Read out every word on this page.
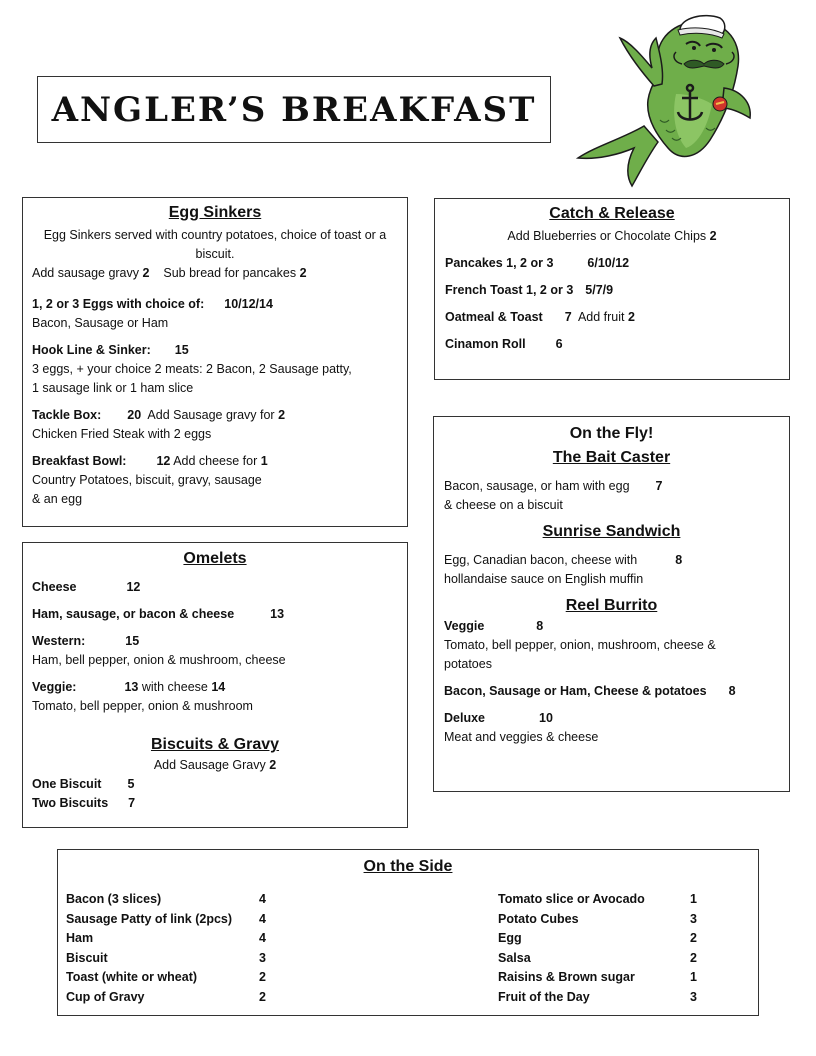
ANGLER’S BREAKFAST
Egg Sinkers
Egg Sinkers served with country potatoes, choice of toast or a biscuit.
Add sausage gravy 2 Sub bread for pancakes 2
1, 2 or 3 Eggs with choice of: 10/12/14
Bacon, Sausage or Ham
Hook Line & Sinker: 15
3 eggs, + your choice 2 meats: 2 Bacon, 2 Sausage patty,
1 sausage link or 1 ham slice
Tackle Box: 20 Add Sausage gravy for 2
Chicken Fried Steak with 2 eggs
Breakfast Bowl: 12 Add cheese for 1
Country Potatoes, biscuit, gravy, sausage
& an egg
Catch & Release
Add Blueberries or Chocolate Chips 2
Pancakes 1, 2 or 3	6/10/12
French Toast 1, 2 or 3 5/7/9
Oatmeal & Toast 7 Add fruit 2
Cinamon Roll 6
Omelets
Cheese	12
Ham, sausage, or bacon & cheese	13
Western:	15
Ham, bell pepper, onion & mushroom, cheese
Veggie:	13 with cheese 14
Tomato, bell pepper, onion & mushroom
Biscuits & Gravy
Add Sausage Gravy 2
One Biscuit 5
Two Biscuits 7
On the Fly!
The Bait Caster
Bacon, sausage, or ham with egg 7
& cheese on a biscuit
Sunrise Sandwich
Egg, Canadian bacon, cheese with	8
hollandaise sauce on English muffin
Reel Burrito
Veggie	8
Tomato, bell pepper, onion, mushroom, cheese &
potatoes
Bacon, Sausage or Ham, Cheese & potatoes 8
Deluxe	10
Meat and veggies & cheese
On the Side
Bacon (3 slices)	4
Sausage Patty of link (2pcs) 4
Ham	4
Biscuit	3
Toast (white or wheat)	2
Cup of Gravy	2
Tomato slice or Avocado	1
Potato Cubes	3
Egg	2
Salsa	2
Raisins & Brown sugar	1
Fruit of the Day	3
